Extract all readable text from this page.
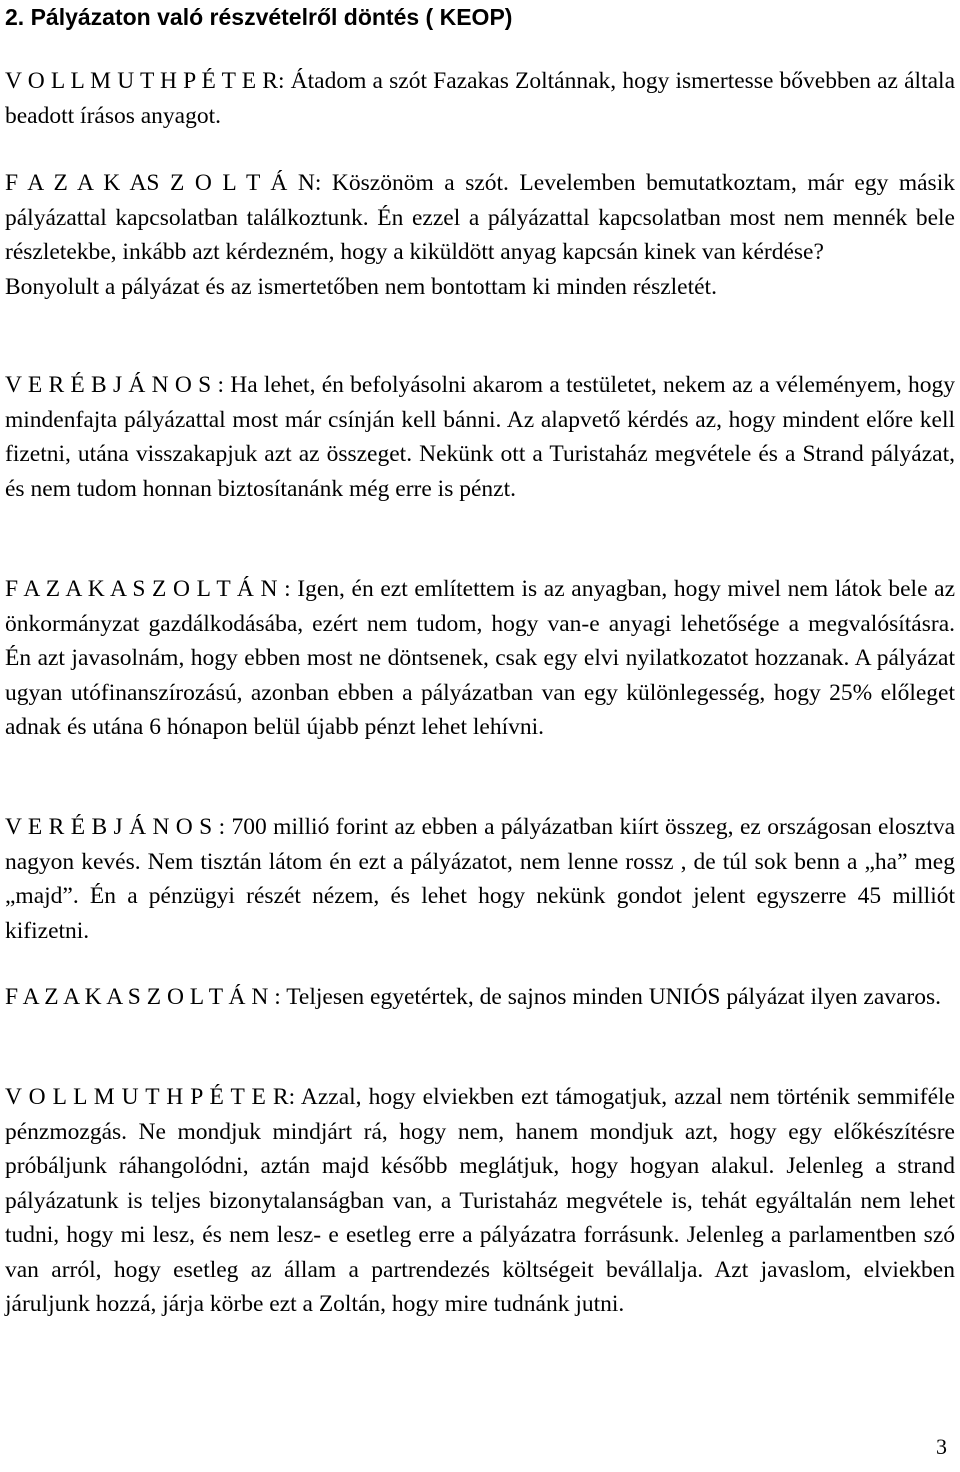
2. Pályázaton való részvételről döntés ( KEOP)

V O L L M U T H P É T E R: Átadom a szót Fazakas Zoltánnak, hogy ismertesse bővebben az általa beadott írásos anyagot.

F A Z A K AS Z O L T Á N: Köszönöm a szót. Levelemben bemutatkoztam, már egy másik pályázattal kapcsolatban találkoztunk. Én ezzel a pályázattal kapcsolatban most nem mennék bele részletekbe, inkább azt kérdezném, hogy a kiküldött anyag kapcsán kinek van kérdése?

Bonyolult a pályázat és az ismertetőben nem bontottam ki minden részletét.

V E R É B J Á N O S : Ha lehet, én befolyásolni akarom a testületet, nekem az a véleményem, hogy mindenfajta pályázattal most már csínján kell bánni. Az alapvető kérdés az, hogy mindent előre kell fizetni, utána visszakapjuk azt az összeget. Nekünk ott a Turistaház megvétele és a Strand pályázat, és nem tudom honnan biztosítanánk még erre is pénzt.

F A Z A K A S Z O L T Á N : Igen, én ezt említettem is az anyagban, hogy mivel nem látok bele az önkormányzat gazdálkodásába, ezért nem tudom, hogy van-e anyagi lehetősége a megvalósításra. Én azt javasolnám, hogy ebben most ne döntsenek, csak egy elvi nyilatkozatot hozzanak. A pályázat ugyan utófinanszírozású, azonban ebben a pályázatban van egy különlegesség, hogy 25% előleget adnak és utána 6 hónapon belül újabb pénzt lehet lehívni.

V E R É B J Á N O S : 700 millió forint az ebben a pályázatban kiírt összeg, ez országosan elosztva nagyon kevés. Nem tisztán látom én ezt a pályázatot, nem lenne rossz , de túl sok benn a „ha” meg „majd”. Én a pénzügyi részét nézem, és lehet hogy nekünk gondot jelent egyszerre 45 milliót kifizetni.

F A Z A K A S Z O L T Á N : Teljesen egyetértek, de sajnos minden UNIÓS pályázat ilyen zavaros.

V O L L M U T H P É T E R: Azzal, hogy elviekben ezt támogatjuk, azzal nem történik semmiféle pénzmozgás. Ne mondjuk mindjárt rá, hogy nem, hanem mondjuk azt, hogy egy előkészítésre próbáljunk ráhangolódni, aztán majd később meglátjuk, hogy hogyan alakul. Jelenleg a strand pályázatunk is teljes bizonytalanságban van, a Turistaház megvétele is, tehát egyáltalán nem lehet tudni, hogy mi lesz, és nem lesz- e esetleg erre a pályázatra forrásunk. Jelenleg a parlamentben szó van arról, hogy esetleg az állam a partrendezés költségeit bevállalja. Azt javaslom, elviekben járuljunk hozzá, járja körbe ezt a Zoltán, hogy mire tudnánk jutni.

3
